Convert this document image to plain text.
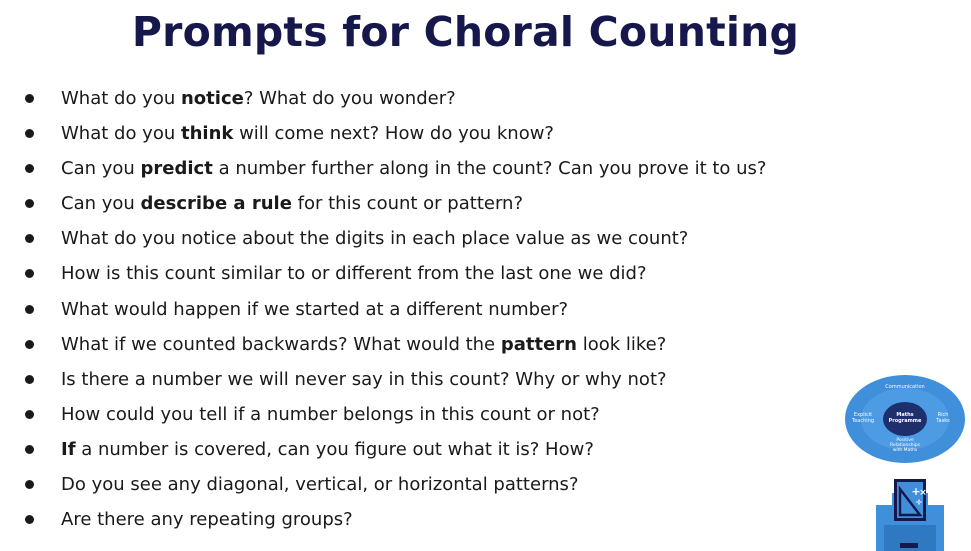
Prompts for Choral Counting
What do you notice? What do you wonder?
What do you think will come next? How do you know?
Can you predict a number further along in the count? Can you prove it to us?
Can you describe a rule for this count or pattern?
What do you notice about the digits in each place value as we count?
How is this count similar to or different from the last one we did?
What would happen if we started at a different number?
What if we counted backwards? What would the pattern look like?
Is there a number we will never say in this count? Why or why not?
How could you tell if a number belongs in this count or not?
If a number is covered, can you figure out what it is? How?
Do you see any diagonal, vertical, or horizontal patterns?
Are there any repeating groups?
Communication
Explicit
Teaching
Maths
Programme
Rich
Tasks
Positive
Relationships
with Maths
+
×
÷
